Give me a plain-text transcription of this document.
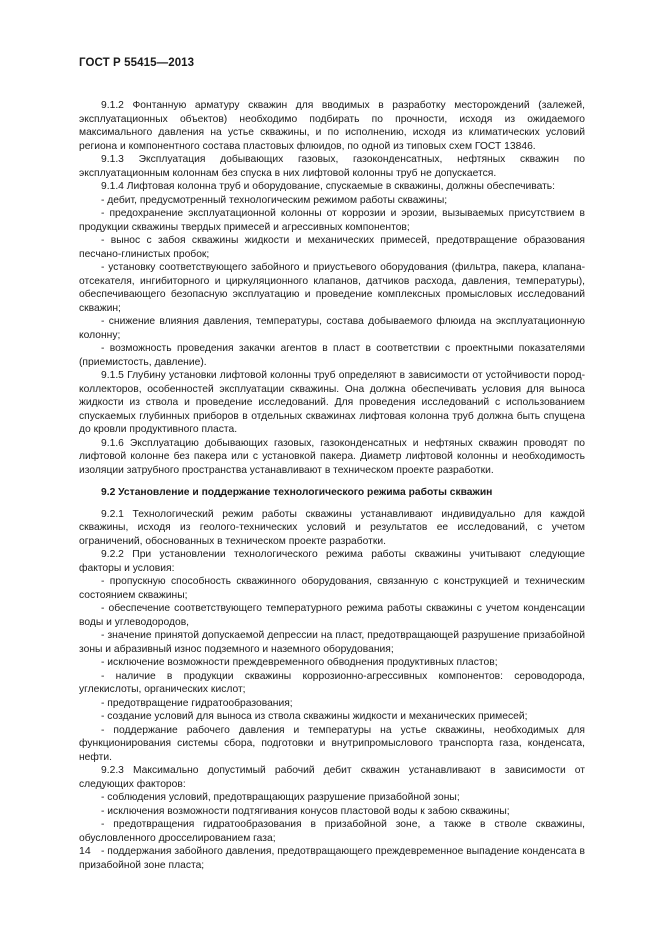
ГОСТ Р 55415—2013

9.1.2 Фонтанную арматуру скважин для вводимых в разработку месторождений (залежей, эксплуатационных объектов) необходимо подбирать по прочности, исходя из ожидаемого максимального давления на устье скважины, и по исполнению, исходя из климатических условий региона и компонентного состава пластовых флюидов, по одной из типовых схем ГОСТ 13846.

9.1.3 Эксплуатация добывающих газовых, газоконденсатных, нефтяных скважин по эксплуатационным колоннам без спуска в них лифтовой колонны труб не допускается.

9.1.4 Лифтовая колонна труб и оборудование, спускаемые в скважины, должны обеспечивать:

- дебит, предусмотренный технологическим режимом работы скважины;

- предохранение эксплуатационной колонны от коррозии и эрозии, вызываемых присутствием в продукции скважины твердых примесей и агрессивных компонентов;

- вынос с забоя скважины жидкости и механических примесей, предотвращение образования песчано-глинистых пробок;

- установку соответствующего забойного и приустьевого оборудования (фильтра, пакера, клапана-отсекателя, ингибиторного и циркуляционного клапанов, датчиков расхода, давления, температуры), обеспечивающего безопасную эксплуатацию и проведение комплексных промысловых исследований скважин;

- снижение влияния давления, температуры, состава добываемого флюида на эксплуатационную колонну;

- возможность проведения закачки агентов в пласт в соответствии с проектными показателями (приемистость, давление).

9.1.5 Глубину установки лифтовой колонны труб определяют в зависимости от устойчивости пород-коллекторов, особенностей эксплуатации скважины. Она должна обеспечивать условия для выноса жидкости из ствола и проведение исследований. Для проведения исследований с использованием спускаемых глубинных приборов в отдельных скважинах лифтовая колонна труб должна быть спущена до кровли продуктивного пласта.

9.1.6 Эксплуатацию добывающих газовых, газоконденсатных и нефтяных скважин проводят по лифтовой колонне без пакера или с установкой пакера. Диаметр лифтовой колонны и необходимость изоляции затрубного пространства устанавливают в техническом проекте разработки.

9.2 Установление и поддержание технологического режима работы скважин

9.2.1 Технологический режим работы скважины устанавливают индивидуально для каждой скважины, исходя из геолого-технических условий и результатов ее исследований, с учетом ограничений, обоснованных в техническом проекте разработки.

9.2.2 При установлении технологического режима работы скважины учитывают следующие факторы и условия:

- пропускную способность скважинного оборудования, связанную с конструкцией и техническим состоянием скважины;

- обеспечение соответствующего температурного режима работы скважины с учетом конденсации воды и углеводородов,

- значение принятой допускаемой депрессии на пласт, предотвращающей разрушение призабойной зоны и абразивный износ подземного и наземного оборудования;

- исключение возможности преждевременного обводнения продуктивных пластов;

- наличие в продукции скважины коррозионно-агрессивных компонентов: сероводорода, углекислоты, органических кислот;

- предотвращение гидратообразования;

- создание условий для выноса из ствола скважины жидкости и механических примесей;

- поддержание рабочего давления и температуры на устье скважины, необходимых для функционирования системы сбора, подготовки и внутрипромыслового транспорта газа, конденсата, нефти.

9.2.3 Максимально допустимый рабочий дебит скважин устанавливают в зависимости от следующих факторов:

- соблюдения условий, предотвращающих разрушение призабойной зоны;

- исключения возможности подтягивания конусов пластовой воды к забою скважины;

- предотвращения гидратообразования в призабойной зоне, а также в стволе скважины, обусловленного дросселированием газа;

- поддержания забойного давления, предотвращающего преждевременное выпадение конденсата в призабойной зоне пласта;

14
